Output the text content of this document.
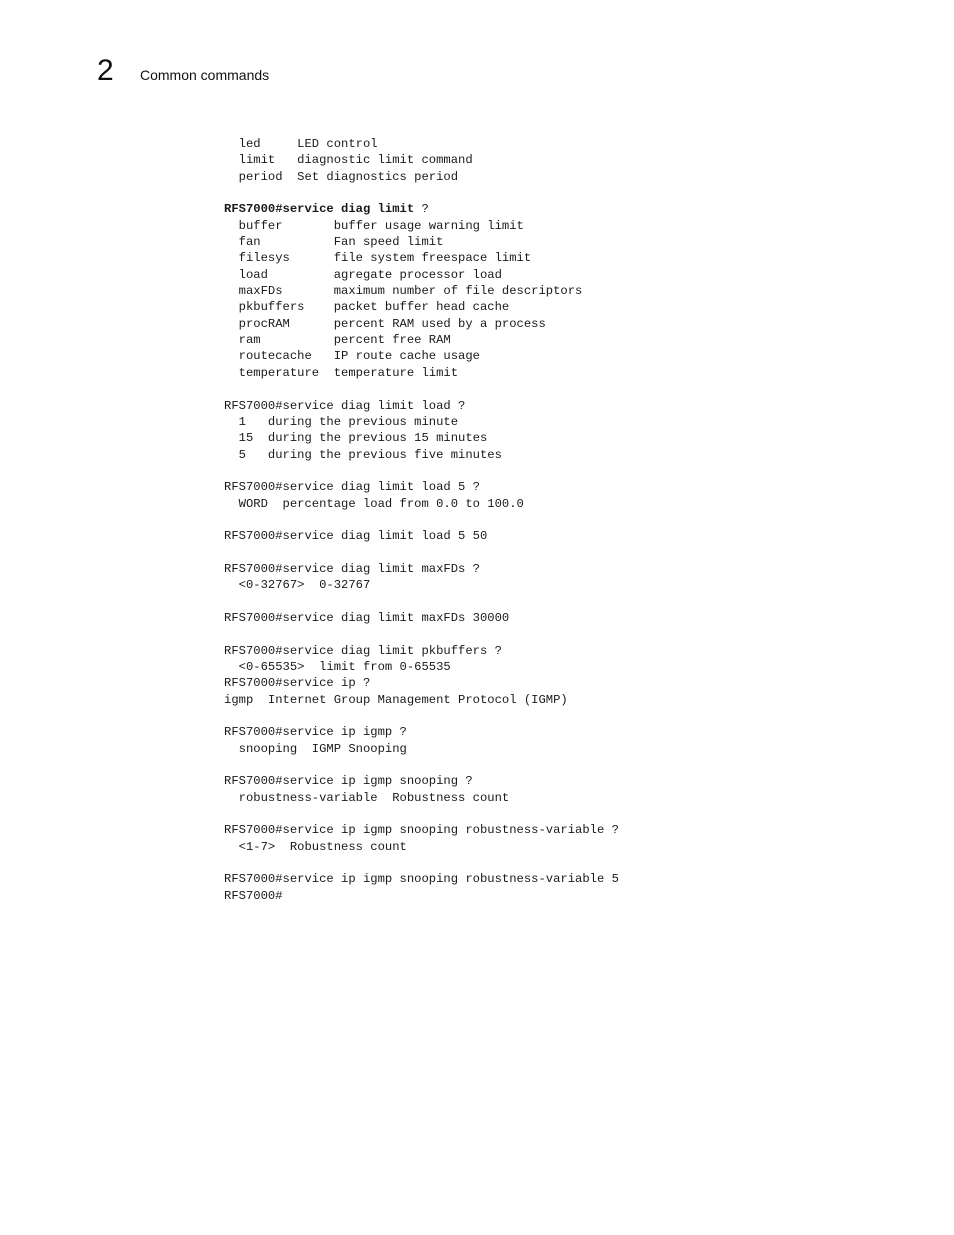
2	Common commands
led     LED control
limit   diagnostic limit command
period  Set diagnostics period

RFS7000#service diag limit ?
buffer       buffer usage warning limit
fan          Fan speed limit
filesys      file system freespace limit
load         agregate processor load
maxFDs       maximum number of file descriptors
pkbuffers    packet buffer head cache
procRAM      percent RAM used by a process
ram          percent free RAM
routecache   IP route cache usage
temperature  temperature limit

RFS7000#service diag limit load ?
1   during the previous minute
15  during the previous 15 minutes
5   during the previous five minutes

RFS7000#service diag limit load 5 ?
WORD  percentage load from 0.0 to 100.0

RFS7000#service diag limit load 5 50

RFS7000#service diag limit maxFDs ?
<0-32767>  0-32767

RFS7000#service diag limit maxFDs 30000

RFS7000#service diag limit pkbuffers ?
<0-65535>  limit from 0-65535
RFS7000#service ip ?
igmp  Internet Group Management Protocol (IGMP)

RFS7000#service ip igmp ?
snooping  IGMP Snooping

RFS7000#service ip igmp snooping ?
robustness-variable  Robustness count

RFS7000#service ip igmp snooping robustness-variable ?
<1-7>  Robustness count

RFS7000#service ip igmp snooping robustness-variable 5
RFS7000#
